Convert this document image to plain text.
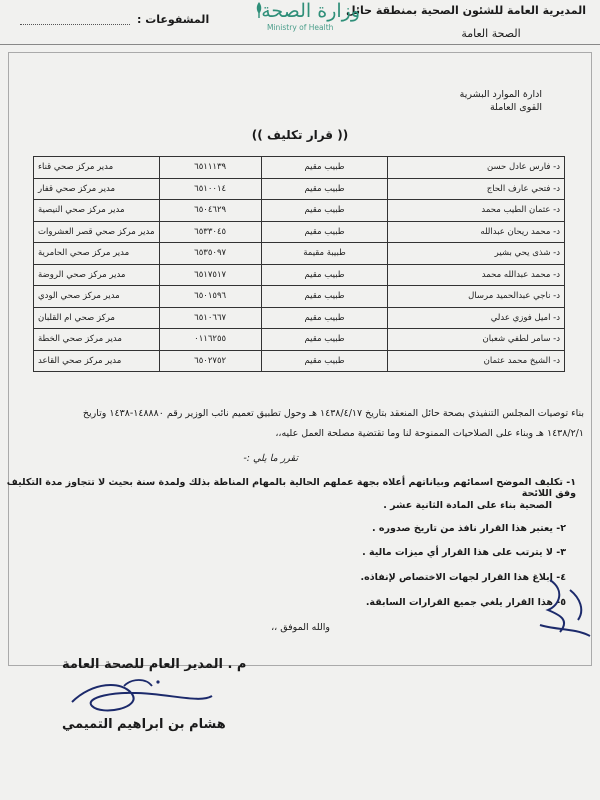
المديرية العامة للشئون الصحية بمنطقة حائل
الصحة العامة
وزارة الصحة
Ministry of Health
المشفوعات :
ادارة الموارد البشرية
القوى العاملة
(( قرار تكليف ))
د- فارس عادل حسن	طبيب مقيم	٦٥١١١٣٩	مدير مركز صحي قناء
د- فتحي عارف الحاج	طبيب مقيم	٦٥١٠٠١٤	مدير مركز صحي قفار
د- عثمان الطيب محمد	طبيب مقيم	٦٥٠٤٦٢٩	مدير مركز صحي النيصية
د- محمد ريحان عبدالله	طبيب مقيم	٦٥٣٣٠٤٥	مدير مركز صحي قصر العشروات
د- شذى يحي بشير	طبيبة مقيمة	٦٥٣٥٠٩٧	مدير مركز صحي الحامرية
د- محمد عبدالله محمد	طبيب مقيم	٦٥١٧٥١٧	مدير مركز صحي الروضة
د- ناجي عبدالحميد مرسال	طبيب مقيم	٦٥٠١٥٩٦	مدير مركز صحي الودي
د- اميل فوزي عدلي	طبيب مقيم	٦٥١٠٦٦٧	مركز صحي ام القلبان
د- سامر لطفي شعبان	طبيب مقيم	٠١١٦٢٥٥	مدير مركز صحي الخطة
د- الشيخ محمد عثمان	طبيب مقيم	٦٥٠٢٧٥٢	مدير مركز صحي القاعد
بناء توصيات المجلس التنفيذي بصحة حائل المنعقد بتاريخ ١٤٣٨/٤/١٧ هـ وحول تطبيق تعميم نائب الوزير رقم ١٤٨٨٨٠-١٤٣٨ وتاريخ
١٤٣٨/٢/١ هـ وبناء على الصلاحيات الممنوحة لنا وما تقتضية مصلحة العمل عليه،،
تقرر ما يلي :-
١- تكليف الموضح اسمائهم وبياناتهم أعلاه بجهة عملهم الحالية بالمهام المناطة بذلك ولمدة سنة بحيث لا تتجاوز مدة التكليف وفق اللائحة
الصحية بناء على المادة الثانية عشر .
٢- يعتبر هذا القرار نافذ من تاريخ صدوره .
٣- لا يترتب على هذا القرار أي ميزات مالية .
٤- إبلاغ هذا القرار لجهات الاختصاص لإنفاذه.
٥- هذا القرار يلغي جميع القرارات السابقة.
والله الموفق ،،
م . المدير العام للصحة العامة
هشام بن ابراهيم التميمي
